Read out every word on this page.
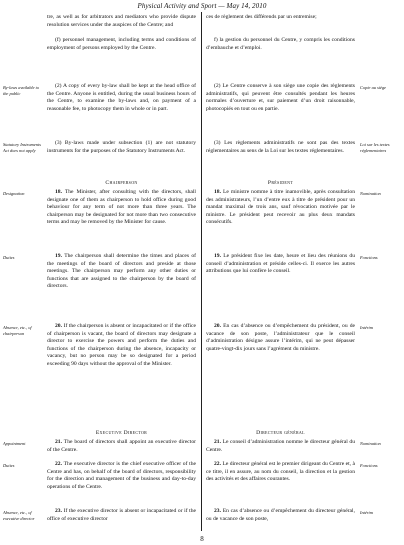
Physical Activity and Sport — May 14, 2010

tre, as well as for arbitrators and mediators who provide dispute resolution services under the auspices of the Centre; and

(f) personnel management, including terms and conditions of employment of persons employed by the Centre.

(2) A copy of every by-law shall be kept at the head office of the Centre. Anyone is entitled, during the usual business hours of the Centre, to examine the by-laws and, on payment of a reasonable fee, to photocopy them in whole or in part.

(3) By-laws made under subsection (1) are not statutory instruments for the purposes of the Statutory Instruments Act.

Chairperson

18. The Minister, after consulting with the directors, shall designate one of them as chairperson to hold office during good behaviour for any term of not more than three years. The chairperson may be designated for not more than two consecutive terms and may be removed by the Minister for cause.

19. The chairperson shall determine the times and places of the meetings of the board of directors and preside at those meetings. The chairperson may perform any other duties or functions that are assigned to the chairperson by the board of directors.

20. If the chairperson is absent or incapacitated or if the office of chairperson is vacant, the board of directors may designate a director to exercise the powers and perform the duties and functions of the chairperson during the absence, incapacity or vacancy, but no person may be so designated for a period exceeding 90 days without the approval of the Minister.

Executive Director

21. The board of directors shall appoint an executive director of the Centre.

22. The executive director is the chief executive officer of the Centre and has, on behalf of the board of directors, responsibility for the direction and management of the business and day-to-day operations of the Centre.

23. If the executive director is absent or incapacitated or if the office of executive director

ces de règlement des différends par un entremise;

f) la gestion du personnel du Centre, y compris les conditions d’embauche et d’emploi.

(2) Le Centre conserve à son siège une copie des règlements administratifs, qui peuvent être consultés pendant les heures normales d’ouverture et, sur paiement d’un droit raisonnable, photocopiés en tout ou en partie.

(3) Les règlements administratifs ne sont pas des textes réglementaires au sens de la Loi sur les textes réglementaires.

Président

18. Le ministre nomme à titre inamovible, après consultation des administrateurs, l’un d’entre eux à titre de président pour un mandat maximal de trois ans, sauf révocation motivée par le ministre. Le président peut recevoir au plus deux mandats consécutifs.

19. Le président fixe les date, heure et lieu des réunions du conseil d’administration et préside celles-ci. Il exerce les autres attributions que lui confère le conseil.

20. En cas d’absence ou d’empêchement du président, ou de vacance de son poste, l’administrateur que le conseil d’administration désigne assure l’intérim, qui ne peut dépasser quatre-vingt-dix jours sans l’agrément du ministre.

Directeur général

21. Le conseil d’administration nomme le directeur général du Centre.

22. Le directeur général est le premier dirigeant du Centre et, à ce titre, il en assure, au nom du conseil, la direction et la gestion des activités et des affaires courantes.

23. En cas d’absence ou d’empêchement du directeur général, ou de vacance de son poste,

By-laws available to the public
Statutory Instruments Act does not apply
Designation
Duties
Absence, etc., of chairperson
Appointment
Duties
Absence, etc., of executive director
Copie au siège
Loi sur les textes réglementaires
Nomination
Fonctions
Intérim
Nomination
Fonctions
Intérim
8
